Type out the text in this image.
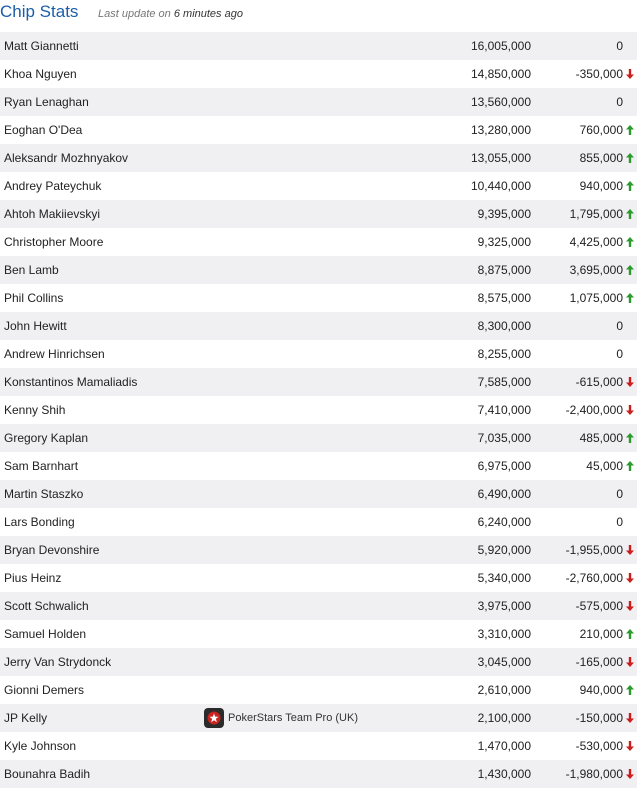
Chip Stats Last update on 6 minutes ago
Matt Giannetti	16,005,000	0
Khoa Nguyen	14,850,000	-350,000
Ryan Lenaghan	13,560,000	0
Eoghan O'Dea	13,280,000	760,000
Aleksandr Mozhnyakov	13,055,000	855,000
Andrey Pateychuk	10,440,000	940,000
Ahtoh Makiievskyi	9,395,000	1,795,000
Christopher Moore	9,325,000	4,425,000
Ben Lamb	8,875,000	3,695,000
Phil Collins	8,575,000	1,075,000
John Hewitt	8,300,000	0
Andrew Hinrichsen	8,255,000	0
Konstantinos Mamaliadis	7,585,000	-615,000
Kenny Shih	7,410,000	-2,400,000
Gregory Kaplan	7,035,000	485,000
Sam Barnhart	6,975,000	45,000
Martin Staszko	6,490,000	0
Lars Bonding	6,240,000	0
Bryan Devonshire	5,920,000	-1,955,000
Pius Heinz	5,340,000	-2,760,000
Scott Schwalich	3,975,000	-575,000
Samuel Holden	3,310,000	210,000
Jerry Van Strydonck	3,045,000	-165,000
Gionni Demers	2,610,000	940,000
JP Kelly	PokerStars Team Pro (UK)	2,100,000	-150,000
Kyle Johnson	1,470,000	-530,000
Bounahra Badih	1,430,000	-1,980,000
